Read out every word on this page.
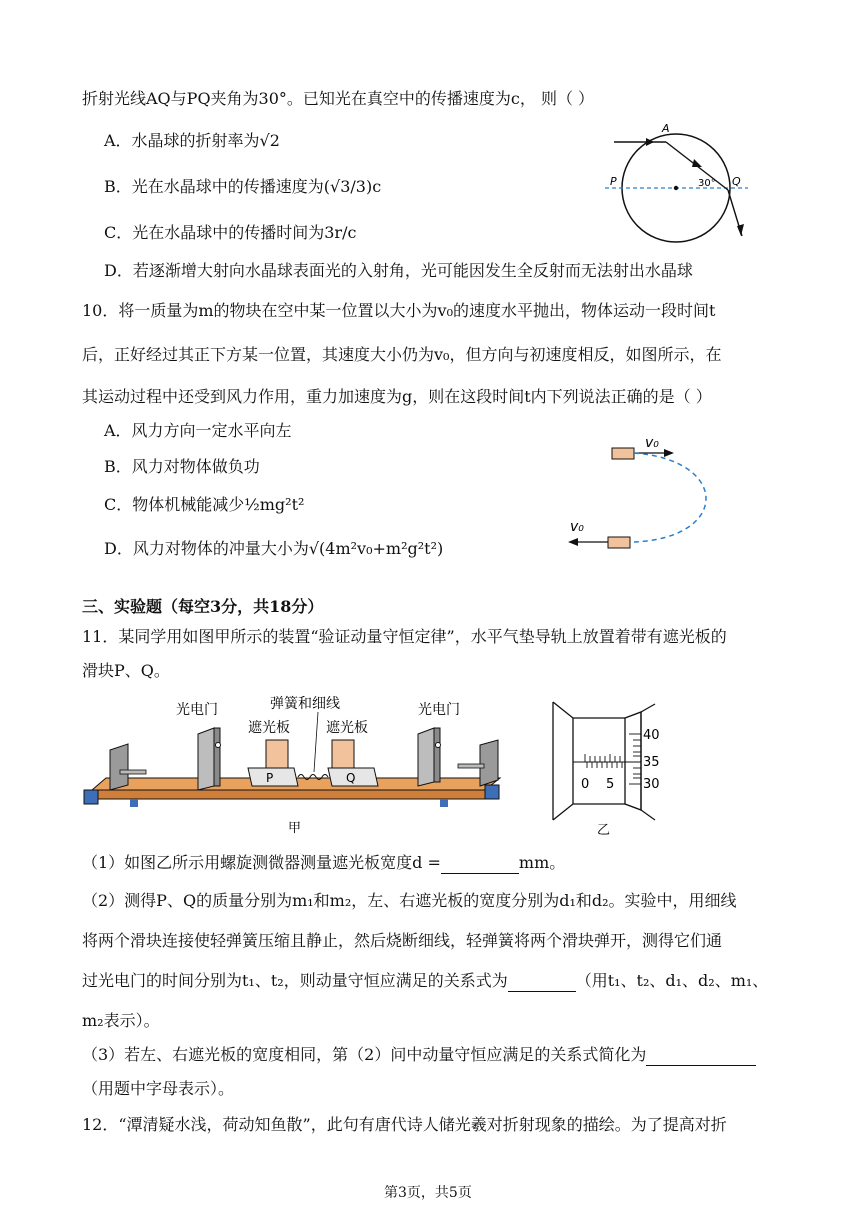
折射光线AQ与PQ夹角为30°。已知光在真空中的传播速度为c， 则（ ）
A．水晶球的折射率为√2
B．光在水晶球中的传播速度为(√3/3)c
C．光在水晶球中的传播时间为3r/c
D．若逐渐增大射向水晶球表面光的入射角，光可能因发生全反射而无法射出水晶球
A
P	Q
30°
10．将一质量为m的物块在空中某一位置以大小为v₀的速度水平抛出，物体运动一段时间t
后，正好经过其正下方某一位置，其速度大小仍为v₀，但方向与初速度相反，如图所示，在
其运动过程中还受到风力作用，重力加速度为g，则在这段时间t内下列说法正确的是（ ）
A．风力方向一定水平向左
B．风力对物体做负功
C．物体机械能减少½mg²t²
D．风力对物体的冲量大小为√(4m²v₀+m²g²t²)
v₀
v₀
三、实验题（每空3分，共18分）
11．某同学用如图甲所示的装置“验证动量守恒定律”，水平气垫导轨上放置着带有遮光板的
滑块P、Q。
P	Q
光电门	弹簧和细线	光电门
遮光板	遮光板
甲
40
35
30
0 5
乙
（1）如图乙所示用螺旋测微器测量遮光板宽度d =	mm。
（2）测得P、Q的质量分别为m₁和m₂，左、右遮光板的宽度分别为d₁和d₂。实验中，用细线
将两个滑块连接使轻弹簧压缩且静止，然后烧断细线，轻弹簧将两个滑块弹开，测得它们通
过光电门的时间分别为t₁、t₂，则动量守恒应满足的关系式为	（用t₁、t₂、d₁、d₂、m₁、
m₂表示）。
（3）若左、右遮光板的宽度相同，第（2）问中动量守恒应满足的关系式简化为
（用题中字母表示）。
12．“潭清疑水浅，荷动知鱼散”，此句有唐代诗人储光羲对折射现象的描绘。为了提高对折
第3页，共5页
